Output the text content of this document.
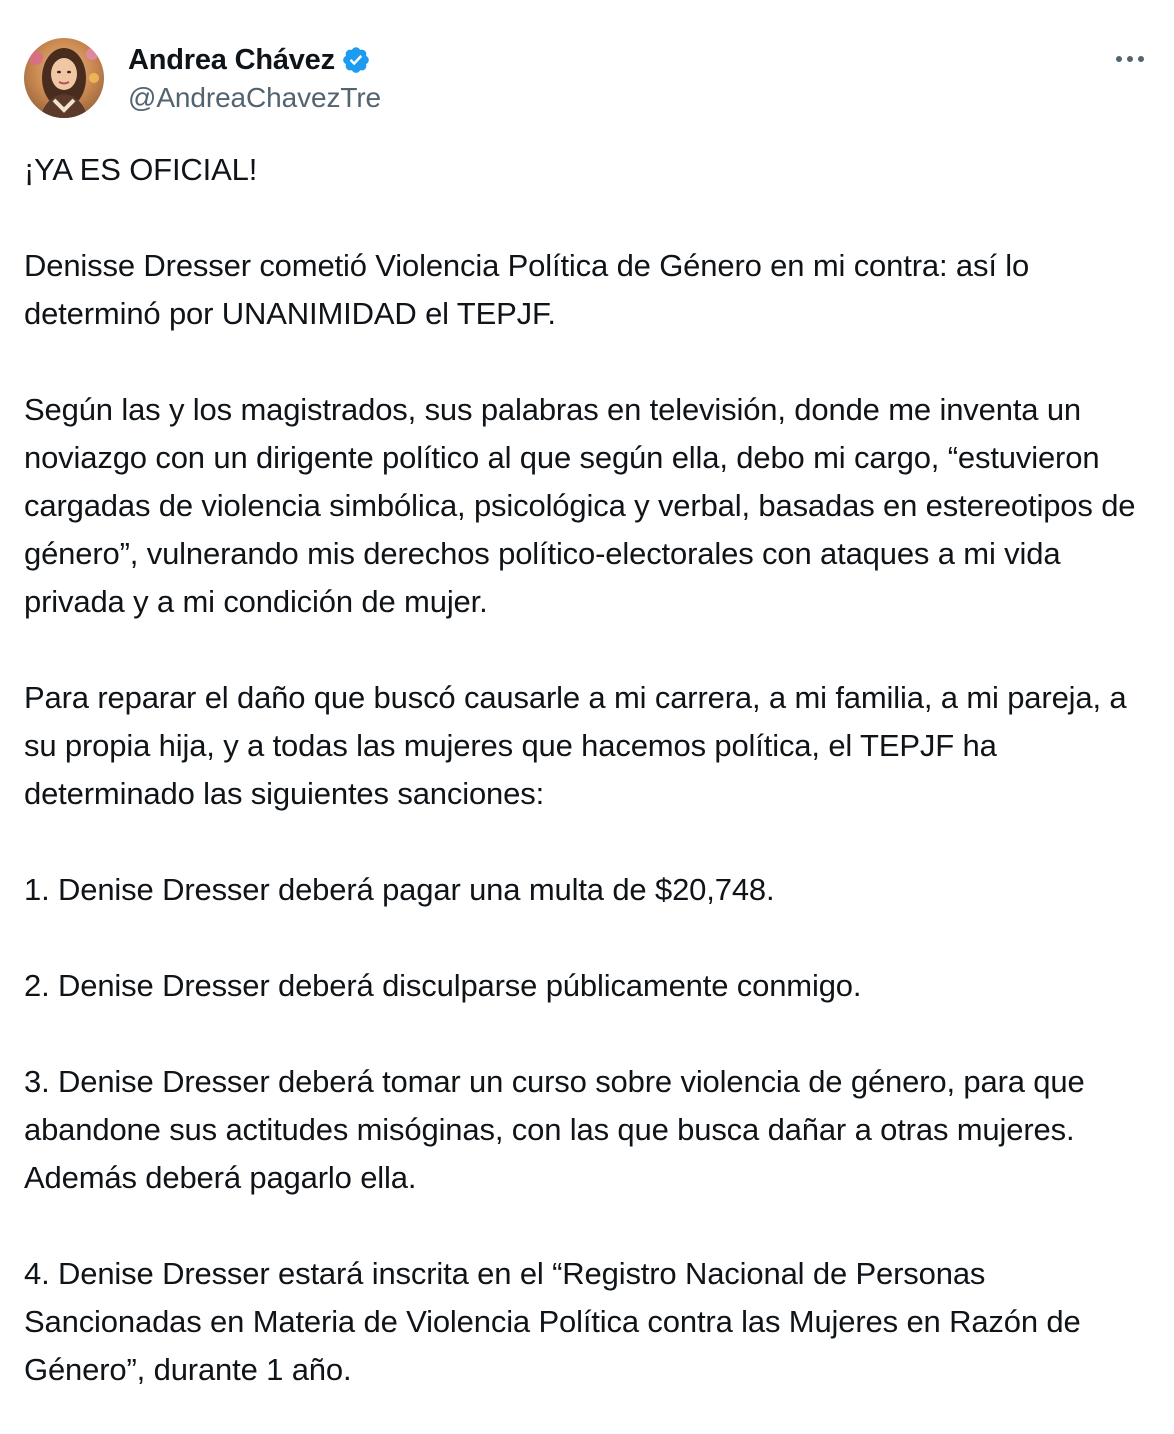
Andrea Chávez
@AndreaChavezTre

¡YA ES OFICIAL!

Denisse Dresser cometió Violencia Política de Género en mi contra: así lo determinó por UNANIMIDAD el TEPJF.

Según las y los magistrados, sus palabras en televisión, donde me inventa un noviazgo con un dirigente político al que según ella, debo mi cargo, “estuvieron cargadas de violencia simbólica, psicológica y verbal, basadas en estereotipos de género”, vulnerando mis derechos político-electorales con ataques a mi vida privada y a mi condición de mujer.

Para reparar el daño que buscó causarle a mi carrera, a mi familia, a mi pareja, a su propia hija, y a todas las mujeres que hacemos política, el TEPJF ha determinado las siguientes sanciones:

1. Denise Dresser deberá pagar una multa de $20,748.

2. Denise Dresser deberá disculparse públicamente conmigo.

3. Denise Dresser deberá tomar un curso sobre violencia de género, para que abandone sus actitudes misóginas, con las que busca dañar a otras mujeres. Además deberá pagarlo ella.

4. Denise Dresser estará inscrita en el “Registro Nacional de Personas Sancionadas en Materia de Violencia Política contra las Mujeres en Razón de Género”, durante 1 año.
